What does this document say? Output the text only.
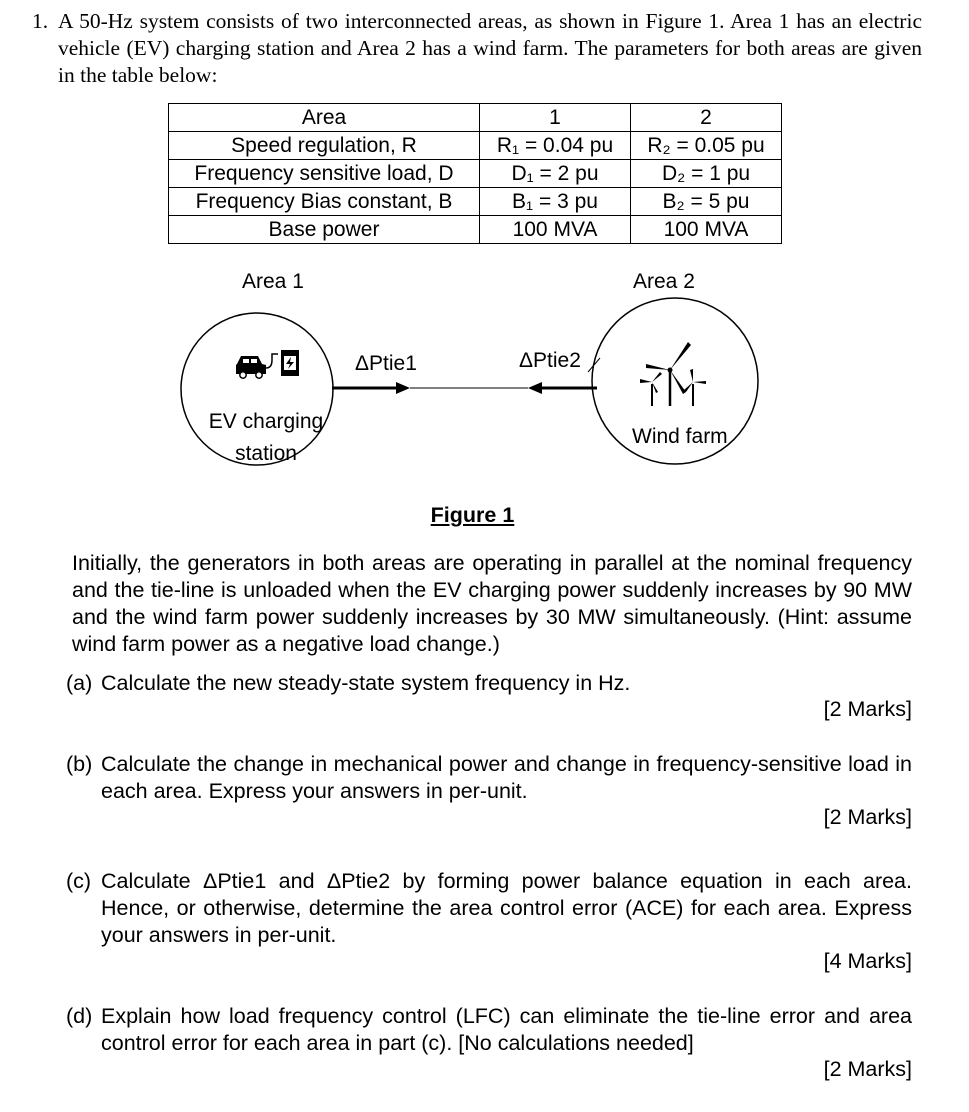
1. A 50-Hz system consists of two interconnected areas, as shown in Figure 1. Area 1 has an electric vehicle (EV) charging station and Area 2 has a wind farm. The parameters for both areas are given in the table below:
Area	1	2
Speed regulation, R	R₁ = 0.04 pu	R₂ = 0.05 pu
Frequency sensitive load, D	D₁ = 2 pu	D₂ = 1 pu
Frequency Bias constant, B	B₁ = 3 pu	B₂ = 5 pu
Base power	100 MVA	100 MVA
Area 1	Area 2
ΔPtie1	ΔPtie2
EV charging
station
Wind farm
Figure 1
Initially, the generators in both areas are operating in parallel at the nominal frequency and the tie-line is unloaded when the EV charging power suddenly increases by 90 MW and the wind farm power suddenly increases by 30 MW simultaneously. (Hint: assume wind farm power as a negative load change.)
(a) Calculate the new steady-state system frequency in Hz.
[2 Marks]
(b) Calculate the change in mechanical power and change in frequency-sensitive load in each area. Express your answers in per-unit.
[2 Marks]
(c) Calculate ΔPtie1 and ΔPtie2 by forming power balance equation in each area. Hence, or otherwise, determine the area control error (ACE) for each area. Express your answers in per-unit.
[4 Marks]
(d) Explain how load frequency control (LFC) can eliminate the tie-line error and area control error for each area in part (c). [No calculations needed]
[2 Marks]
